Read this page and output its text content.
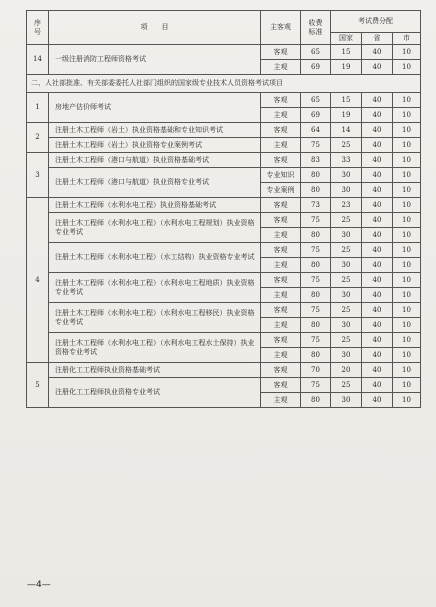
序
号	项　　目	主客观	收费
标准	考试费分配		
				国家	省	市
14	一级注册消防工程师资格考试	客观	65	15	40	10
		主观	69	19	40	10
二、人社部批准、有关部委委托人社部门组织的国家级专业技术人员资格考试项目						
1	房地产估价师考试	客观	65	15	40	10
		主观	69	19	40	10
2	注册土木工程师（岩土）执业资格基础和专业知识考试	客观	64	14	40	10
	注册土木工程师（岩土）执业资格专业案例考试	主观	75	25	40	10
3	注册土木工程师（港口与航道）执业资格基础考试	客观	83	33	40	10
	注册土木工程师（港口与航道）执业资格专业考试	专业知识	80	30	40	10
		专业案例	80	30	40	10
4	注册土木工程师（水利水电工程）执业资格基础考试	客观	73	23	40	10
	注册土木工程师（水利水电工程）（水利水电工程规划）执业资格专业考试	客观	75	25	40	10
		主观	80	30	40	10
	注册土木工程师（水利水电工程）（水工结构）执业资格专业考试	客观	75	25	40	10
		主观	80	30	40	10
	注册土木工程师（水利水电工程）（水利水电工程地质）执业资格专业考试	客观	75	25	40	10
		主观	80	30	40	10
	注册土木工程师（水利水电工程）（水利水电工程移民）执业资格专业考试	客观	75	25	40	10
		主观	80	30	40	10
	注册土木工程师（水利水电工程）（水利水电工程水土保持）执业资格专业考试	客观	75	25	40	10
		主观	80	30	40	10
5	注册化工工程师执业资格基础考试	客观	70	20	40	10
	注册化工工程师执业资格专业考试	客观	75	25	40	10
		主观	80	30	40	10
—4—
